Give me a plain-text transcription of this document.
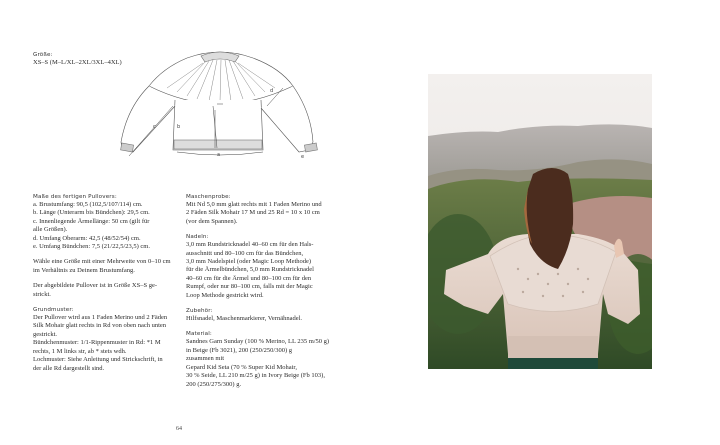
Größe:

XS–S (M–L/XL–2XL/3XL–4XL)

a
b
c
d
e
Maße des fertigen Pullovers:

a. Brustumfang: 90,5 (102,5/107/114) cm.

b. Länge (Unterarm bis Bündchen): 29,5 cm.

c. Innenliegende Ärmellänge: 50 cm (gilt für

alle Größen).

d. Umfang Oberarm: 42,5 (48/52/54) cm.

e. Umfang Bündchen: 7,5 (21/22,5/23,5) cm.

Wähle eine Größe mit einer Mehrweite von 0–10 cm

im Verhältnis zu Deinem Brustumfang.

Der abgebildete Pullover ist in Größe XS–S ge-

strickt.

Grundmuster:

Der Pullover wird aus 1 Faden Merino und 2 Fäden

Silk Mohair glatt rechts in Rd von oben nach unten

gestrickt.

Bündchenmuster: 1/1-Rippenmuster in Rd: *1 M

rechts, 1 M links str, ab * stets wdh.

Lochmuster: Siehe Anleitung und Strickschrift, in

der alle Rd dargestellt sind.

Maschenprobe:

Mit Nd 5,0 mm glatt rechts mit 1 Faden Merino und

2 Fäden Silk Mohair 17 M und 25 Rd = 10 x 10 cm

(vor dem Spannen).

Nadeln:

3,0 mm Rundstricknadel 40–60 cm für den Hals-

ausschnitt und 80–100 cm für das Bündchen,

3,0 mm Nadelspiel (oder Magic Loop Methode)

für die Ärmelbündchen, 5,0 mm Rundstricknadel

40–60 cm für die Ärmel und 80–100 cm für den

Rumpf, oder nur 80–100 cm, falls mit der Magic

Loop Methode gestrickt wird.

Zubehör:

Hilfsnadel, Maschenmarkierer, Vernähnadel.

Material:

Sandnes Garn Sunday (100 % Merino, LL 235 m/50 g)

in Beige (Fb 3021), 200 (250/250/300) g

zusammen mit

Gepard Kid Seta (70 % Super Kid Mohair,

30 % Seide, LL 210 m/25 g) in Ivory Beige (Fb 103),

200 (250/275/300) g.

64
